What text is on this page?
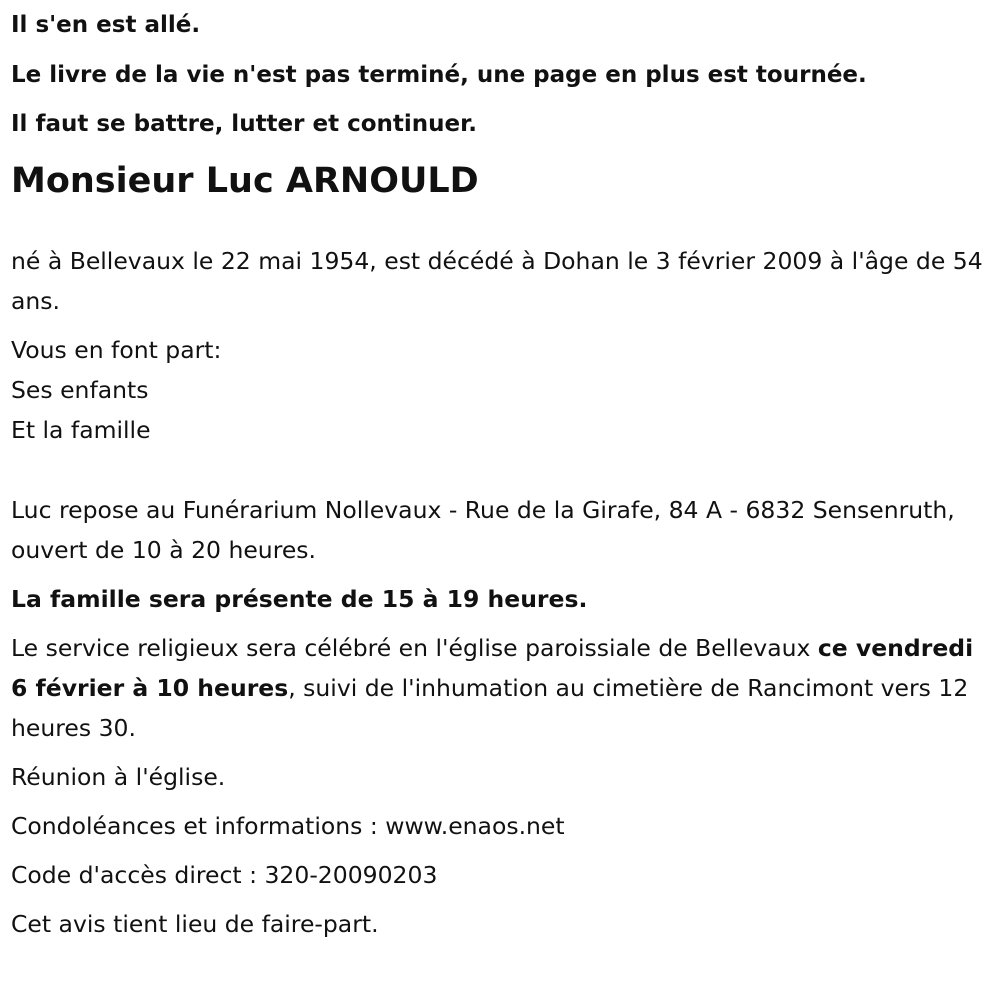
Il s'en est allé.

Le livre de la vie n'est pas terminé, une page en plus est tournée.

Il faut se battre, lutter et continuer.

Monsieur Luc ARNOULD

né à Bellevaux le 22 mai 1954, est décédé à Dohan le 3 février 2009 à l'âge de 54 ans.

Vous en font part:

Ses enfants

Et la famille

Luc repose au Funérarium Nollevaux - Rue de la Girafe, 84 A - 6832 Sensenruth, ouvert de 10 à 20 heures.

La famille sera présente de 15 à 19 heures.

Le service religieux sera célébré en l'église paroissiale de Bellevaux ce vendredi 6 février à 10 heures, suivi de l'inhumation au cimetière de Rancimont vers 12 heures 30.

Réunion à l'église.

Condoléances et informations : www.enaos.net

Code d'accès direct : 320-20090203

Cet avis tient lieu de faire-part.
